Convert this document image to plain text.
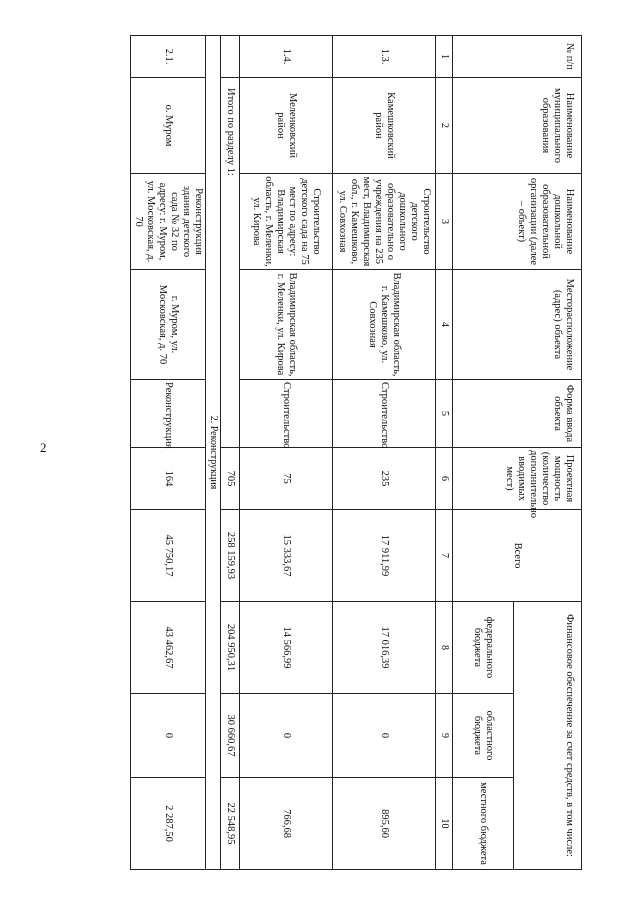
2
№ п/п	Наименование муниципального образования	Наименование дошкольной образовательной организации (далее – объект)	Месторасположение (адрес) объекта	Форма ввода объекта	Проектная мощность (количество дополнительно вводимых мест)	Всего	Финансовое обеспечение за счет средств, в том числе:		
							федерального бюджета	областного бюджета	местного бюджета
1	2	3	4	5	6	7	8	9	10
1.3.	Камешковский район	Строительство детского дошкольного образовательно о учреждения на 235 мест, Владимирская обл., г. Камешково, ул. Совхозная	Владимирская область, г. Камешково, ул. Совхозная	Строительство	235	17 911,99	17 016,39	0	895,60
1.4.	Меленковский район	Строительство детского сада на 75 мест по адресу: Владимирская область, г. Меленки, ул. Кирова	Владимирская область, г. Меленки, ул. Кирова	Строительство	75	15 333,67	14 566,99	0	766,68
	Итого по разделу 1:				705	258 159,93	204 950,31	30 660,67	22 548,95
2. Реконструкция									
2.1.	о. Муром	Реконструкция здания детского сада № 32 по адресу: г. Муром, ул. Московская, д. 70	г. Муром, ул. Московская, д. 70	Реконструкция	164	45 750,17	43 462,67	0	2 287,50
